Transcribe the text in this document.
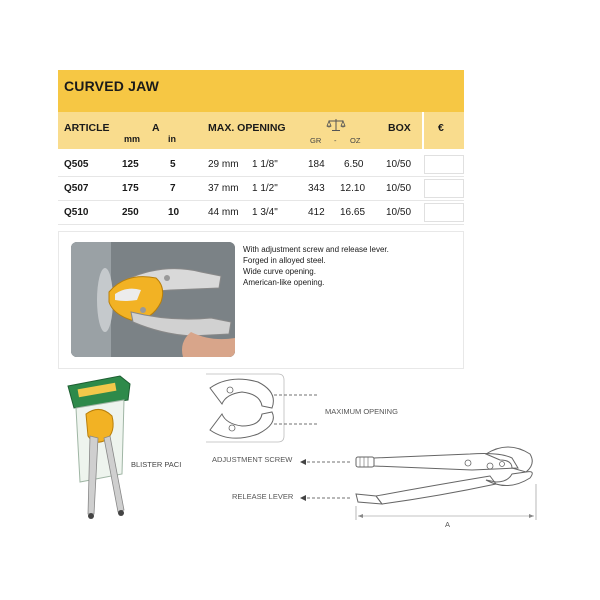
CURVED JAW
ARTICLE	A
mm	in
MAX. OPENING
GR - OZ
BOX	€
Q505	125	5	29 mm 1 1/8"	184 6.50 10/50
Q507	175	7	37 mm 1 1/2"	343 12.10 10/50
Q510	250	10	44 mm 1 3/4"	412 16.65 10/50
With adjustment screw and release lever.
Forged in alloyed steel.
Wide curve opening.
American-like opening.
BLISTER PACI
MAXIMUM OPENING
ADJUSTMENT SCREW
RELEASE LEVER
A
